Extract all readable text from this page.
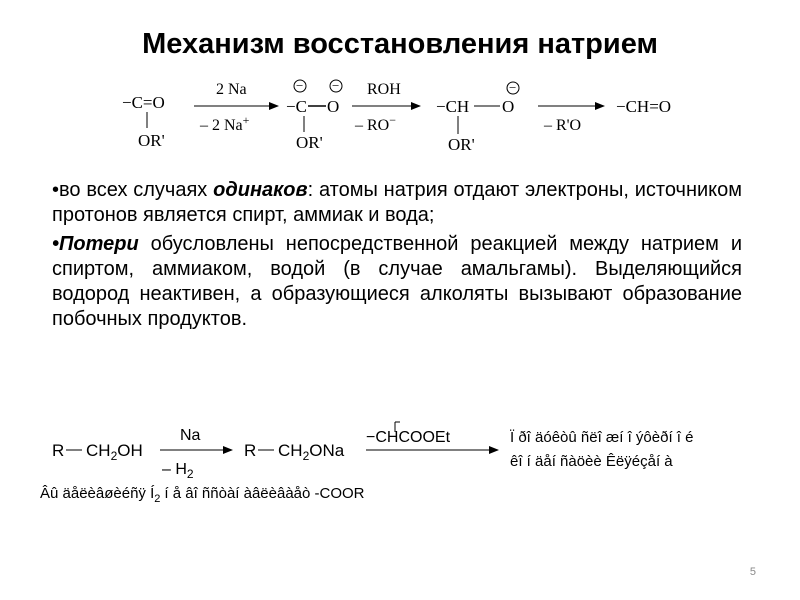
Механизм восстановления натрием
−C=O
OR'
2 Na
– 2 Na+
− −
−C O
OR'
ROH
– RO−
−
−CH O
OR'
– R'O
−CH=O
•во всех случаях одинаков: атомы натрия отдают электроны, источником протонов является спирт, аммиак и вода;
•Потери обусловлены непосредственной реакцией между натрием и спиртом, аммиаком, водой (в случае амальгамы). Выделяющийся водород неактивен, а образующиеся алколяты вызывают образование побочных продуктов.
R $CH_2OH$
Na
– $H_2$
R $CH_2ONa$
−CHCOOEt	Ï ðî äóêòû ñëî æí î ýôèðí î é
êî í äåí ñàöèè Êëÿéçåí à
Âû äåëèâøèéñÿ $Í_2$ í å âî ññòàí àâëèâàåò -COOR
5
